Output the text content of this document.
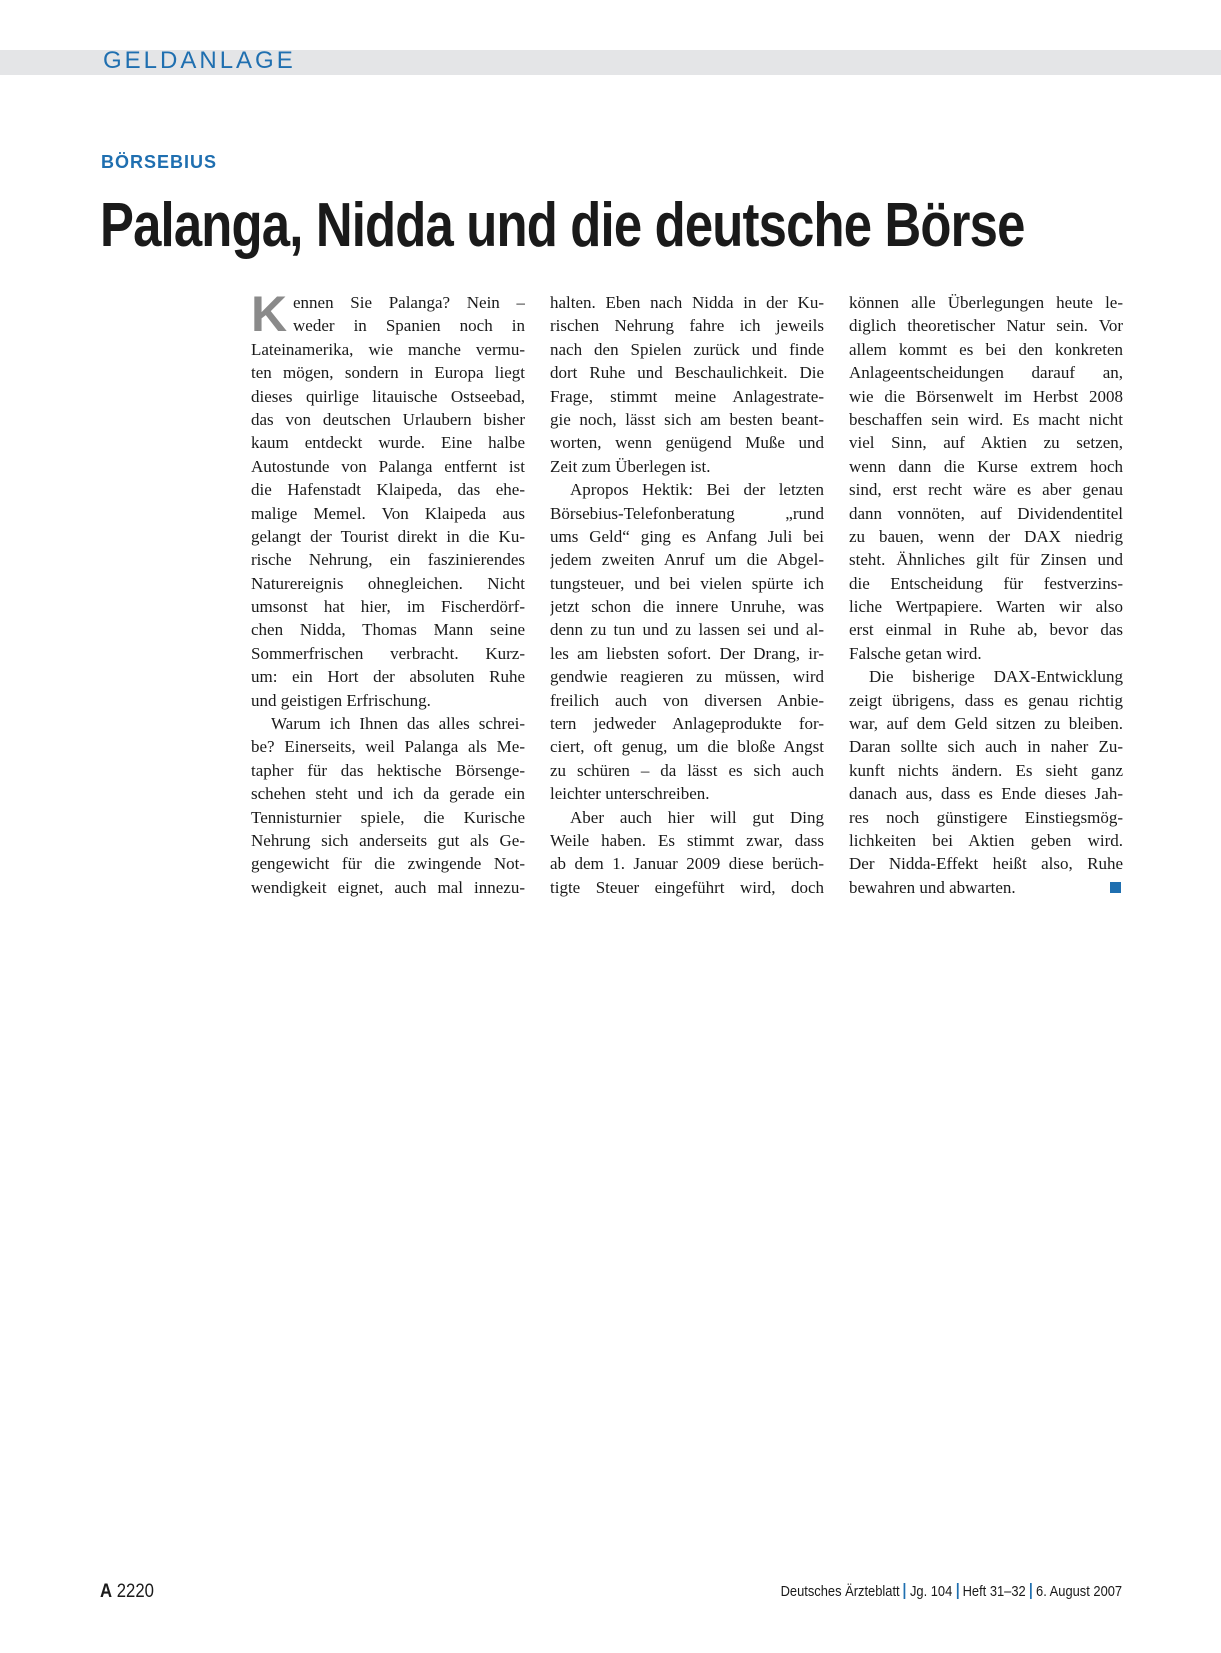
GELDANLAGE
BÖRSEBIUS
Palanga, Nidda und die deutsche Börse
K ennen Sie Palanga? Nein –
weder in Spanien noch in
Lateinamerika, wie manche vermu-
ten mögen, sondern in Europa liegt
dieses quirlige litauische Ostseebad,
das von deutschen Urlaubern bisher
kaum entdeckt wurde. Eine halbe
Autostunde von Palanga entfernt ist
die Hafenstadt Klaipeda, das ehe-
malige Memel. Von Klaipeda aus
gelangt der Tourist direkt in die Ku-
rische Nehrung, ein faszinierendes
Naturereignis ohnegleichen. Nicht
umsonst hat hier, im Fischerdörf-
chen Nidda, Thomas Mann seine
Sommerfrischen verbracht. Kurz-
um: ein Hort der absoluten Ruhe
und geistigen Erfrischung.
Warum ich Ihnen das alles schrei-
be? Einerseits, weil Palanga als Me-
tapher für das hektische Börsenge-
schehen steht und ich da gerade ein
Tennisturnier spiele, die Kurische
Nehrung sich anderseits gut als Ge-
gengewicht für die zwingende Not-
wendigkeit eignet, auch mal innezu-
halten. Eben nach Nidda in der Ku-
rischen Nehrung fahre ich jeweils
nach den Spielen zurück und finde
dort Ruhe und Beschaulichkeit. Die
Frage, stimmt meine Anlagestrate-
gie noch, lässt sich am besten beant-
worten, wenn genügend Muße und
Zeit zum Überlegen ist.
Apropos Hektik: Bei der letzten
Börsebius-Telefonberatung „rund
ums Geld“ ging es Anfang Juli bei
jedem zweiten Anruf um die Abgel-
tungsteuer, und bei vielen spürte ich
jetzt schon die innere Unruhe, was
denn zu tun und zu lassen sei und al-
les am liebsten sofort. Der Drang, ir-
gendwie reagieren zu müssen, wird
freilich auch von diversen Anbie-
tern jedweder Anlageprodukte for-
ciert, oft genug, um die bloße Angst
zu schüren – da lässt es sich auch
leichter unterschreiben.
Aber auch hier will gut Ding
Weile haben. Es stimmt zwar, dass
ab dem 1. Januar 2009 diese berüch-
tigte Steuer eingeführt wird, doch
können alle Überlegungen heute le-
diglich theoretischer Natur sein. Vor
allem kommt es bei den konkreten
Anlageentscheidungen darauf an,
wie die Börsenwelt im Herbst 2008
beschaffen sein wird. Es macht nicht
viel Sinn, auf Aktien zu setzen,
wenn dann die Kurse extrem hoch
sind, erst recht wäre es aber genau
dann vonnöten, auf Dividendentitel
zu bauen, wenn der DAX niedrig
steht. Ähnliches gilt für Zinsen und
die Entscheidung für festverzins-
liche Wertpapiere. Warten wir also
erst einmal in Ruhe ab, bevor das
Falsche getan wird.
Die bisherige DAX-Entwicklung
zeigt übrigens, dass es genau richtig
war, auf dem Geld sitzen zu bleiben.
Daran sollte sich auch in naher Zu-
kunft nichts ändern. Es sieht ganz
danach aus, dass es Ende dieses Jah-
res noch günstigere Einstiegsmög-
lichkeiten bei Aktien geben wird.
Der Nidda-Effekt heißt also, Ruhe
bewahren und abwarten.
A 2220	Deutsches Ärzteblatt Jg. 104 Heft 31–32 6. August 2007
